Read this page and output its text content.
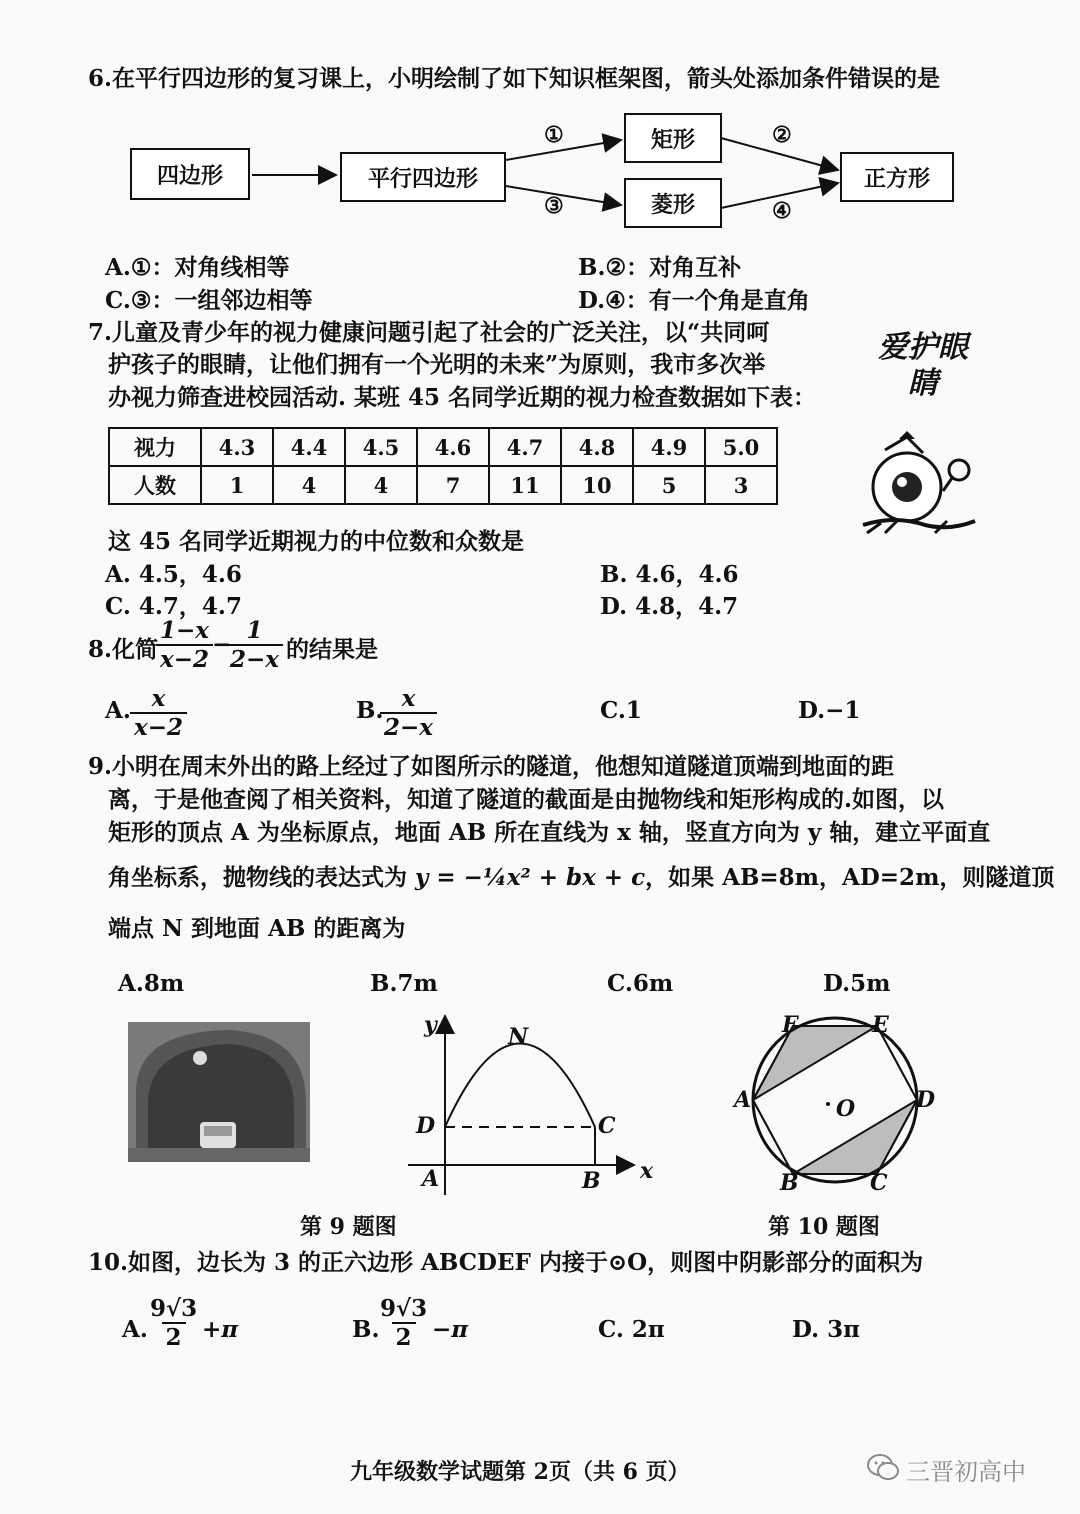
6.在平行四边形的复习课上，小明绘制了如下知识框架图，箭头处添加条件错误的是
四边形	平行四边形
矩形
菱形
正方形
①
③
②
④
A.①：对角线相等	B.②：对角互补
C.③：一组邻边相等	D.④：有一个角是直角
7.儿童及青少年的视力健康问题引起了社会的广泛关注，以“共同呵
护孩子的眼睛，让他们拥有一个光明的未来”为原则，我市多次举
办视力筛查进校园活动. 某班 45 名同学近期的视力检查数据如下表：
爱护眼睛
视力	4.3	4.4	4.5	4.6	4.7	4.8	4.9	5.0
人数	1	4	4	7	11	10	5	3
这 45 名同学近期视力的中位数和众数是
A. 4.5，4.6	B. 4.6，4.6
C. 4.7，4.7	D. 4.8，4.7
8.化简
$\frac{1-x}{x-2}$ −
$\frac{1}{2-x}$ 的结果是
A. $\frac{x}{x-2}$	B.
$\frac{x}{2-x}$	C.1	D.−1
9.小明在周末外出的路上经过了如图所示的隧道，他想知道隧道顶端到地面的距
离，于是他查阅了相关资料，知道了隧道的截面是由抛物线和矩形构成的.如图，以
矩形的顶点 A 为坐标原点，地面 AB 所在直线为 x 轴，竖直方向为 y 轴，建立平面直
角坐标系，抛物线的表达式为 y = −¼x² + bx + c，如果 AB=8m，AD=2m，则隧道顶
端点 N 到地面 AB 的距离为
A.8m	B.7m	C.6m	D.5m
y
x
N
D	C
A	B
第 9 题图
F	E
A	D
B	C
O
第 10 题图
10.如图，边长为 3 的正六边形 ABCDEF 内接于⊙O，则图中阴影部分的面积为
A.
$\frac{9√3}{2} +\pi$	B.
$\frac{9√3}{2} -\pi$	C. 2π	D. 3π
九年级数学试题第 2页（共 6 页）	三晋初高中
